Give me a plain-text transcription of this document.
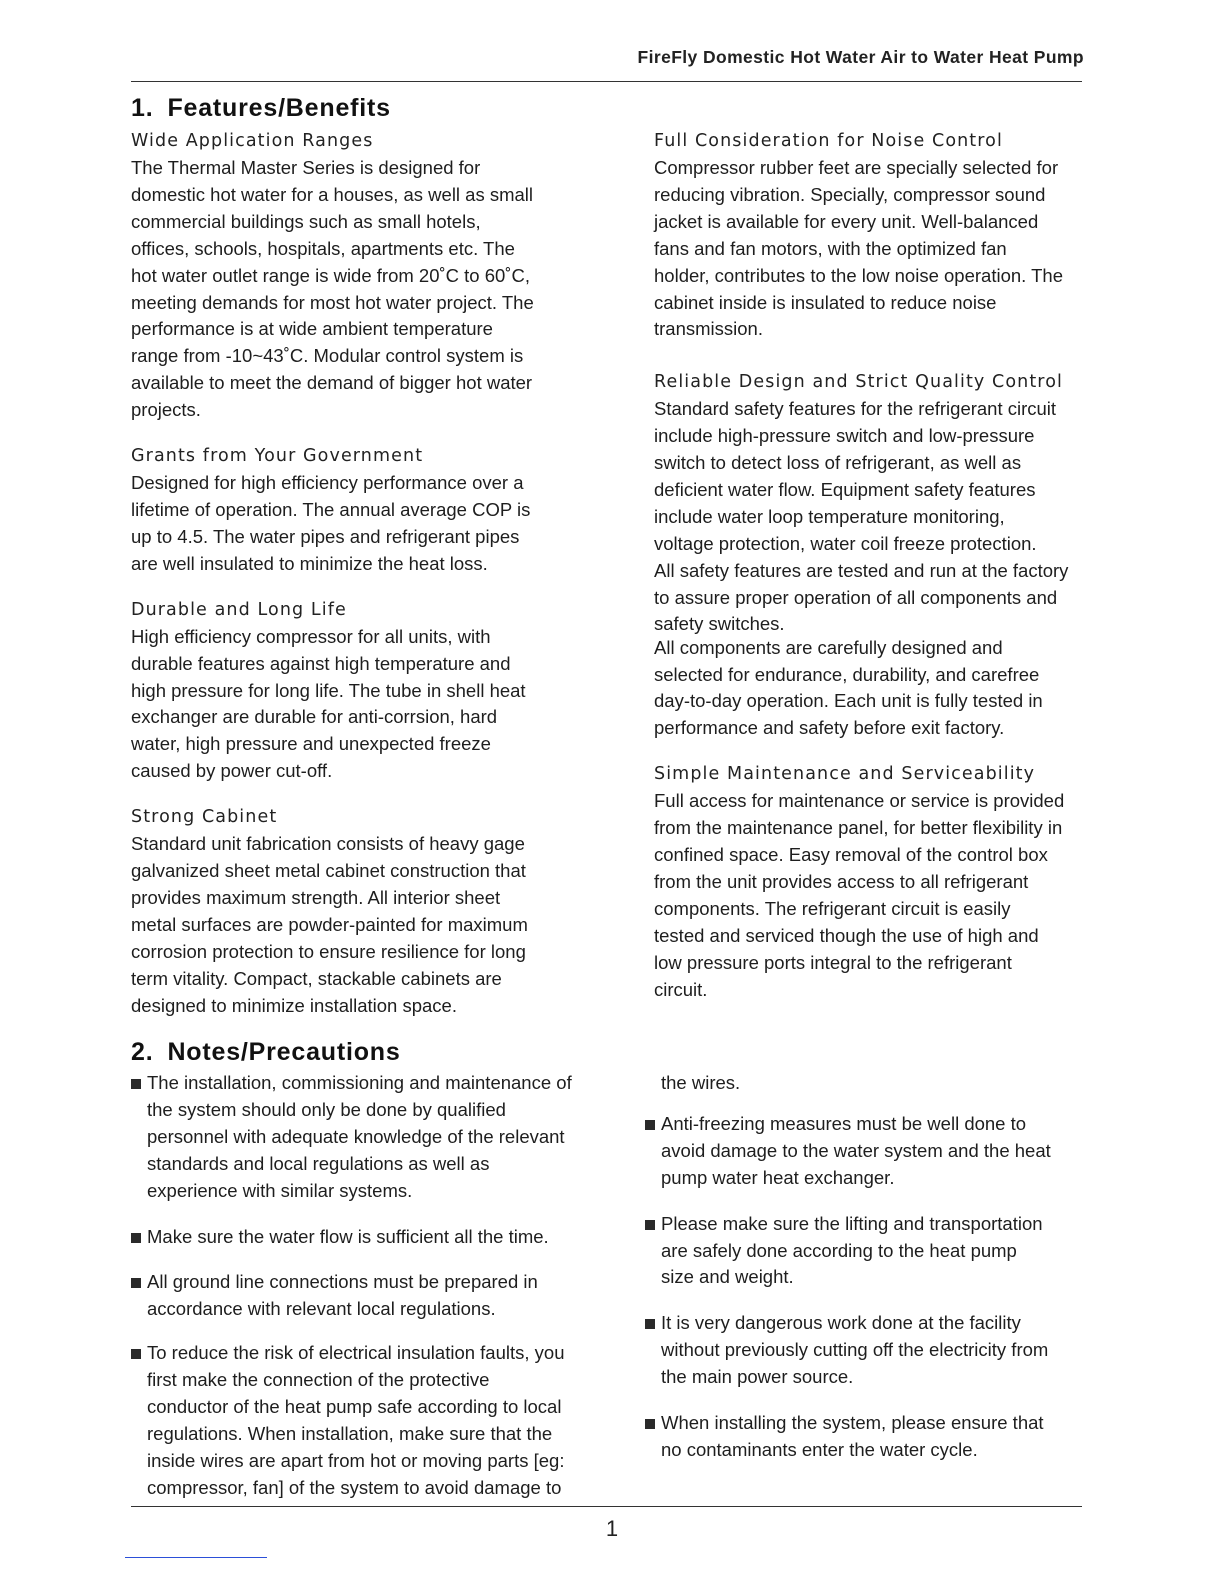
FireFly Domestic Hot Water Air to Water Heat Pump
1. Features/Benefits
Wide Application Ranges
The Thermal Master Series is designed for
domestic hot water for a houses, as well as small
commercial buildings such as small hotels,
offices, schools, hospitals, apartments etc. The
hot water outlet range is wide from 20˚C to 60˚C,
meeting demands for most hot water project. The
performance is at wide ambient temperature
range from -10~43˚C. Modular control system is
available to meet the demand of bigger hot water
projects.
Grants from Your Government
Designed for high efficiency performance over a
lifetime of operation. The annual average COP is
up to 4.5. The water pipes and refrigerant pipes
are well insulated to minimize the heat loss.
Durable and Long Life
High efficiency compressor for all units, with
durable features against high temperature and
high pressure for long life. The tube in shell heat
exchanger are durable for anti-corrsion, hard
water, high pressure and unexpected freeze
caused by power cut-off.
Strong Cabinet
Standard unit fabrication consists of heavy gage
galvanized sheet metal cabinet construction that
provides maximum strength. All interior sheet
metal surfaces are powder-painted for maximum
corrosion protection to ensure resilience for long
term vitality. Compact, stackable cabinets are
designed to minimize installation space.
Full Consideration for Noise Control
Compressor rubber feet are specially selected for
reducing vibration. Specially, compressor sound
jacket is available for every unit. Well-balanced
fans and fan motors, with the optimized fan
holder, contributes to the low noise operation. The
cabinet inside is insulated to reduce noise
transmission.
Reliable Design and Strict Quality Control
Standard safety features for the refrigerant circuit
include high-pressure switch and low-pressure
switch to detect loss of refrigerant, as well as
deficient water flow. Equipment safety features
include water loop temperature monitoring,
voltage protection, water coil freeze protection.
All safety features are tested and run at the factory
to assure proper operation of all components and
safety switches.
All components are carefully designed and
selected for endurance, durability, and carefree
day-to-day operation. Each unit is fully tested in
performance and safety before exit factory.
Simple Maintenance and Serviceability
Full access for maintenance or service is provided
from the maintenance panel, for better flexibility in
confined space. Easy removal of the control box
from the unit provides access to all refrigerant
components. The refrigerant circuit is easily
tested and serviced though the use of high and
low pressure ports integral to the refrigerant
circuit.
2. Notes/Precautions
The installation, commissioning and maintenance of
the system should only be done by qualified
personnel with adequate knowledge of the relevant
standards and local regulations as well as
experience with similar systems.
Make sure the water flow is sufficient all the time.
All ground line connections must be prepared in
accordance with relevant local regulations.
To reduce the risk of electrical insulation faults, you
first make the connection of the protective
conductor of the heat pump safe according to local
regulations. When installation, make sure that the
inside wires are apart from hot or moving parts [eg:
compressor, fan] of the system to avoid damage to
the wires.
Anti-freezing measures must be well done to
avoid damage to the water system and the heat
pump water heat exchanger.
Please make sure the lifting and transportation
are safely done according to the heat pump
size and weight.
It is very dangerous work done at the facility
without previously cutting off the electricity from
the main power source.
When installing the system, please ensure that
no contaminants enter the water cycle.
1
